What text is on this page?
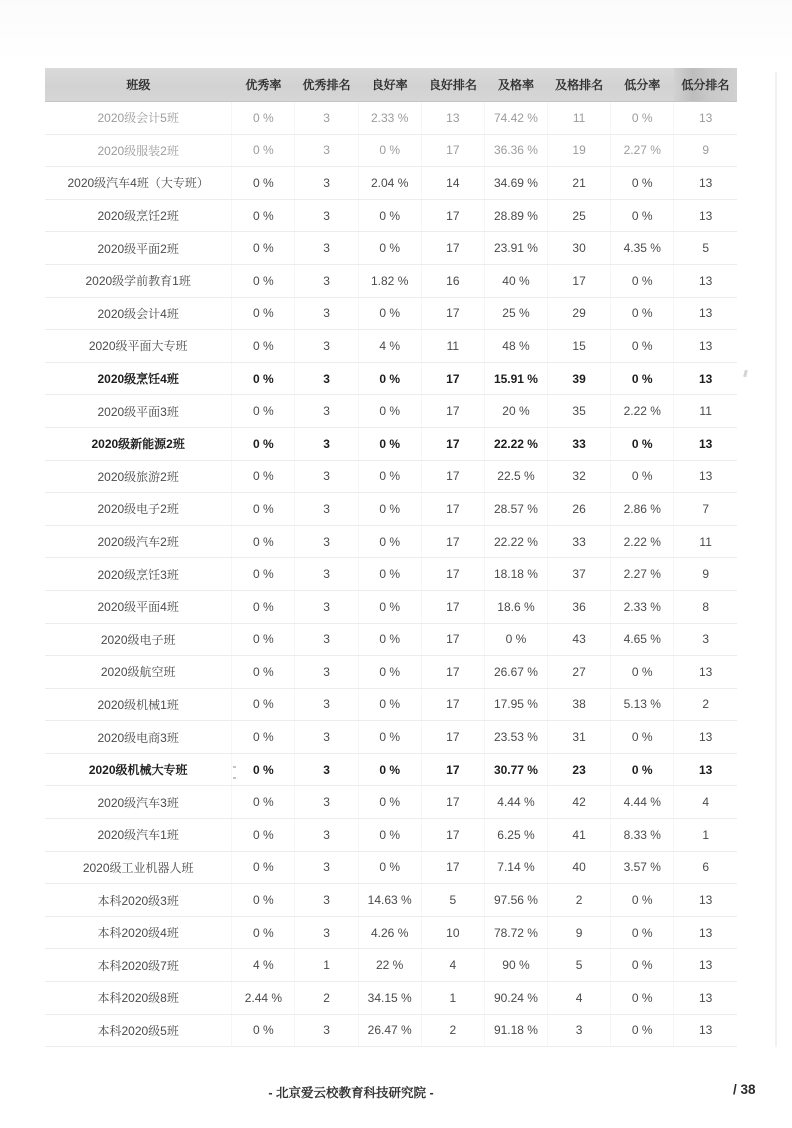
班级	优秀率	优秀排名	良好率	良好排名	及格率	及格排名	低分率	低分排名
2020级会计5班	0 %	3	2.33 %	13	74.42 %	11	0 %	13
2020级服装2班	0 %	3	0 %	17	36.36 %	19	2.27 %	9
2020级汽车4班（大专班）	0 %	3	2.04 %	14	34.69 %	21	0 %	13
2020级烹饪2班	0 %	3	0 %	17	28.89 %	25	0 %	13
2020级平面2班	0 %	3	0 %	17	23.91 %	30	4.35 %	5
2020级学前教育1班	0 %	3	1.82 %	16	40 %	17	0 %	13
2020级会计4班	0 %	3	0 %	17	25 %	29	0 %	13
2020级平面大专班	0 %	3	4 %	11	48 %	15	0 %	13
2020级烹饪4班	0 %	3	0 %	17	15.91 %	39	0 %	13
2020级平面3班	0 %	3	0 %	17	20 %	35	2.22 %	11
2020级新能源2班	0 %	3	0 %	17	22.22 %	33	0 %	13
2020级旅游2班	0 %	3	0 %	17	22.5 %	32	0 %	13
2020级电子2班	0 %	3	0 %	17	28.57 %	26	2.86 %	7
2020级汽车2班	0 %	3	0 %	17	22.22 %	33	2.22 %	11
2020级烹饪3班	0 %	3	0 %	17	18.18 %	37	2.27 %	9
2020级平面4班	0 %	3	0 %	17	18.6 %	36	2.33 %	8
2020级电子班	0 %	3	0 %	17	0 %	43	4.65 %	3
2020级航空班	0 %	3	0 %	17	26.67 %	27	0 %	13
2020级机械1班	0 %	3	0 %	17	17.95 %	38	5.13 %	2
2020级电商3班	0 %	3	0 %	17	23.53 %	31	0 %	13
2020级机械大专班	0 %	3	0 %	17	30.77 %	23	0 %	13
2020级汽车3班	0 %	3	0 %	17	4.44 %	42	4.44 %	4
2020级汽车1班	0 %	3	0 %	17	6.25 %	41	8.33 %	1
2020级工业机器人班	0 %	3	0 %	17	7.14 %	40	3.57 %	6
本科2020级3班	0 %	3	14.63 %	5	97.56 %	2	0 %	13
本科2020级4班	0 %	3	4.26 %	10	78.72 %	9	0 %	13
本科2020级7班	4 %	1	22 %	4	90 %	5	0 %	13
本科2020级8班	2.44 %	2	34.15 %	1	90.24 %	4	0 %	13
本科2020级5班	0 %	3	26.47 %	2	91.18 %	3	0 %	13
- 北京爱云校教育科技研究院 -	/ 38
